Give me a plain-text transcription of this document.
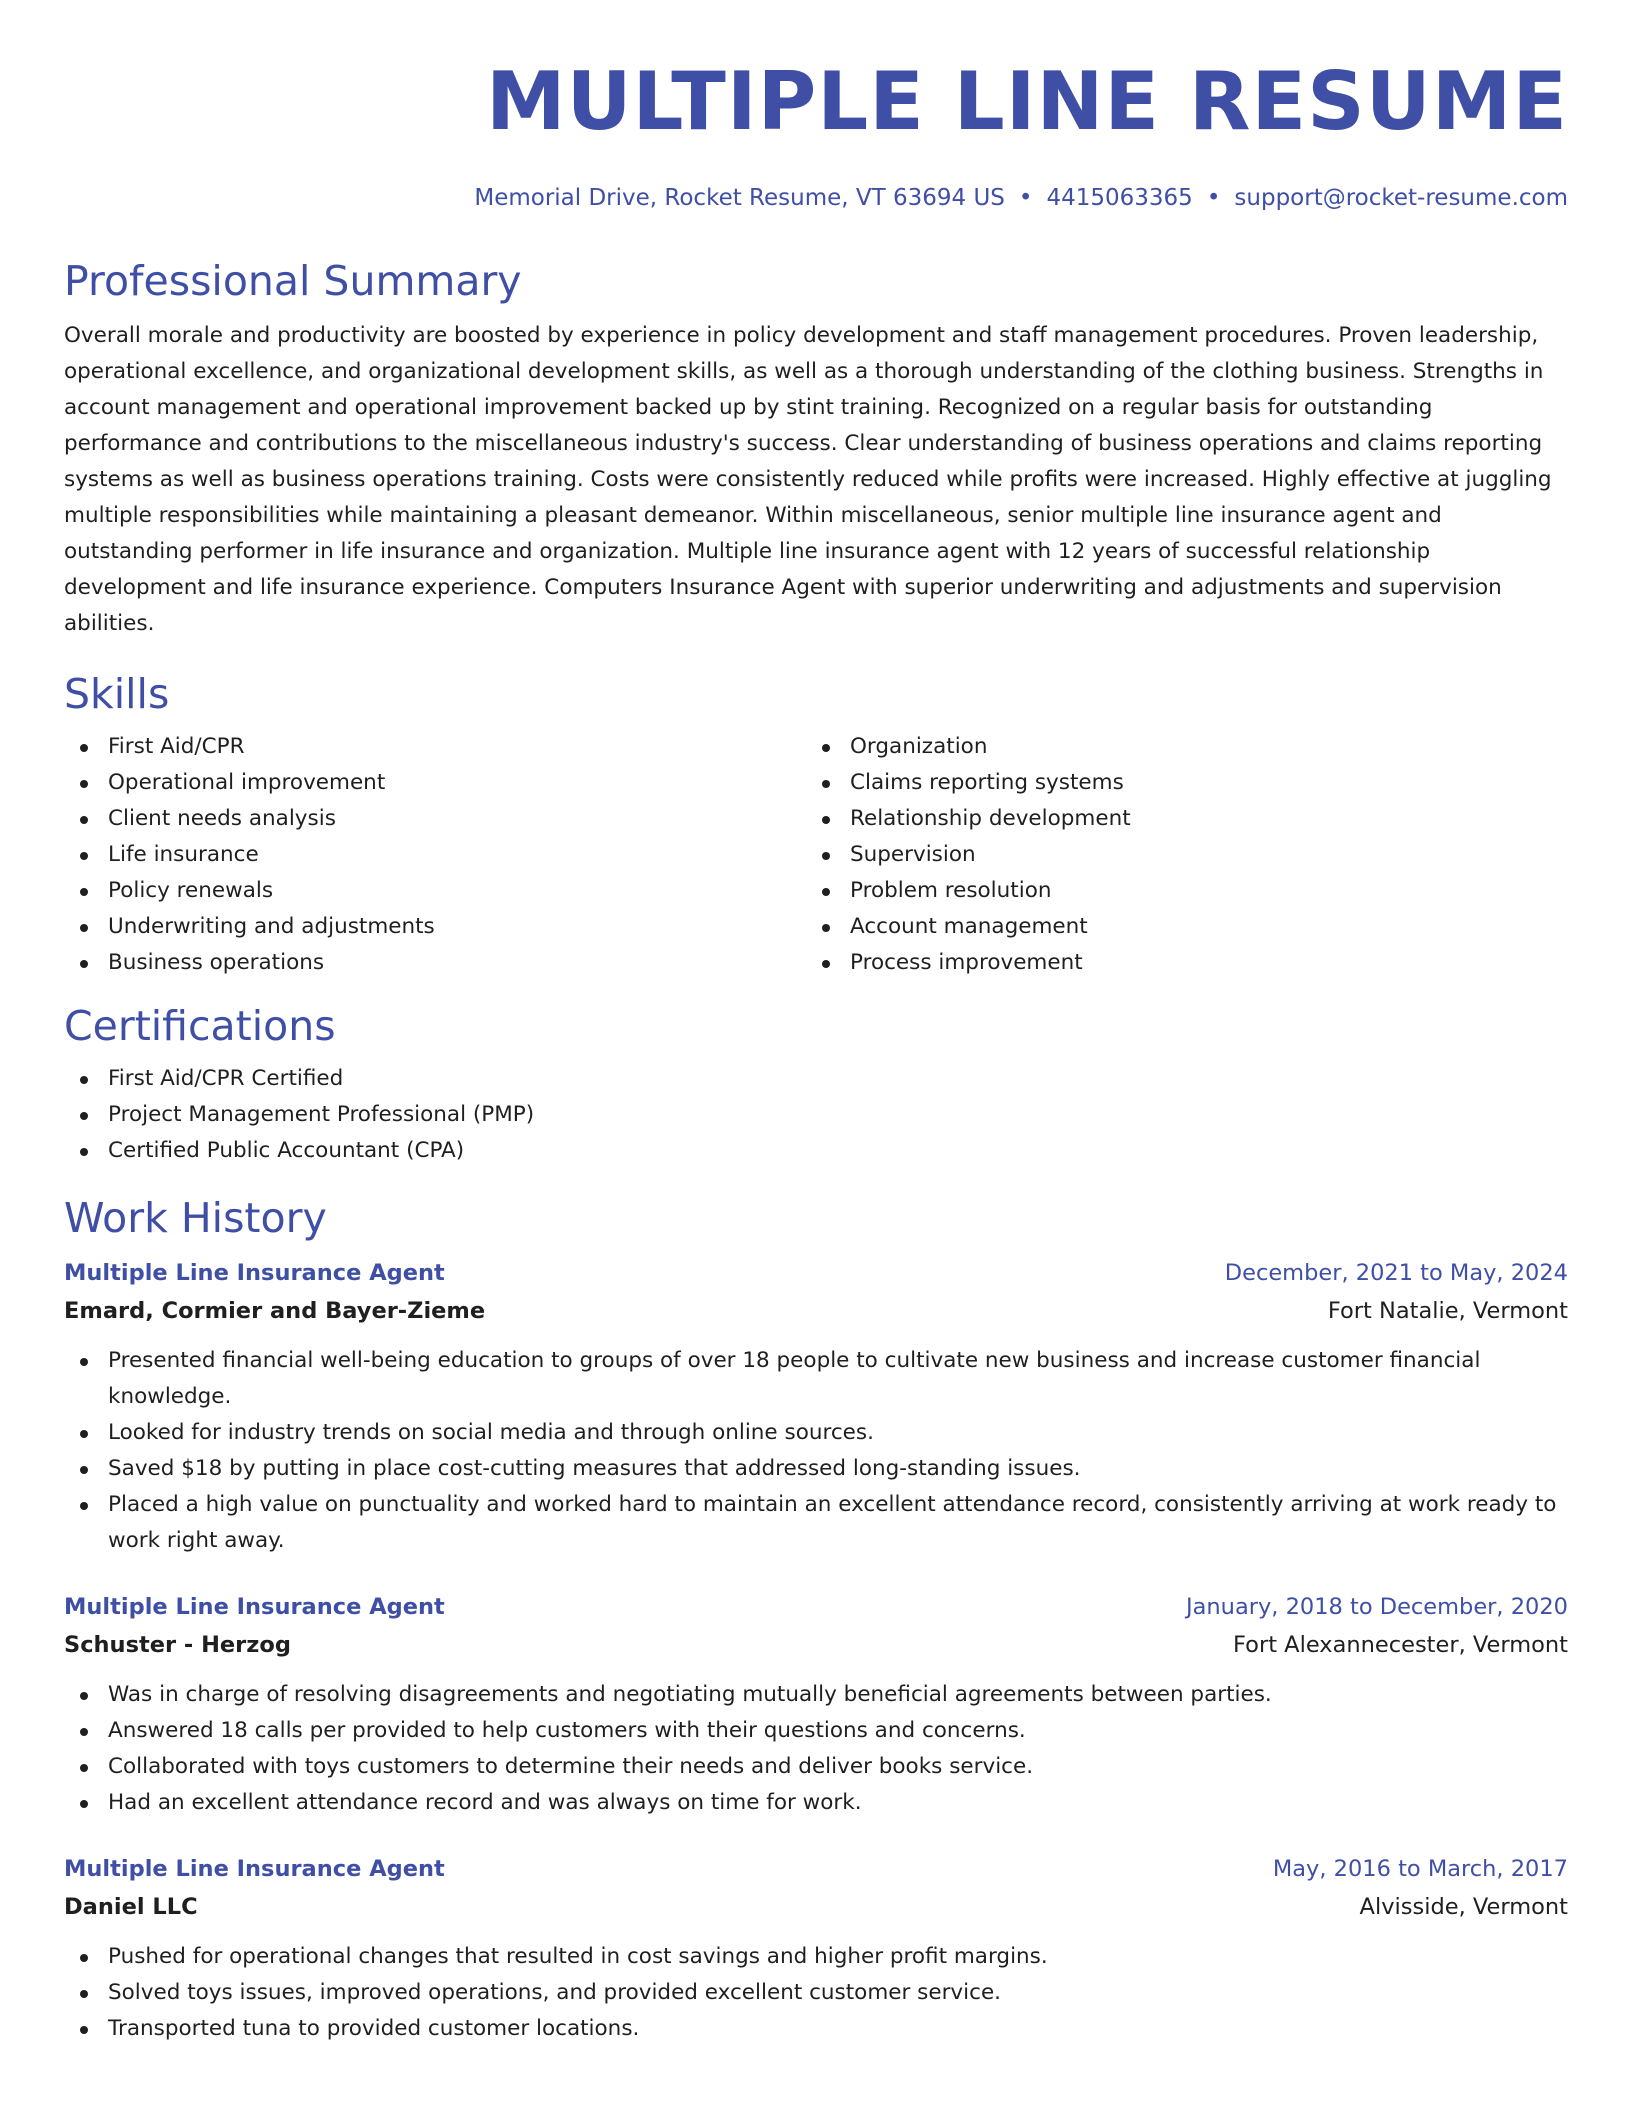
MULTIPLE LINE RESUME
Memorial Drive, Rocket Resume, VT 63694 US • 4415063365 • support@rocket-resume.com
Professional Summary

Overall morale and productivity are boosted by experience in policy development and staff management procedures. Proven leadership, operational excellence, and organizational development skills, as well as a thorough understanding of the clothing business. Strengths in account management and operational improvement backed up by stint training. Recognized on a regular basis for outstanding performance and contributions to the miscellaneous industry's success. Clear understanding of business operations and claims reporting systems as well as business operations training. Costs were consistently reduced while profits were increased. Highly effective at juggling multiple responsibilities while maintaining a pleasant demeanor. Within miscellaneous, senior multiple line insurance agent and outstanding performer in life insurance and organization. Multiple line insurance agent with 12 years of successful relationship development and life insurance experience. Computers Insurance Agent with superior underwriting and adjustments and supervision abilities.

Skills
First Aid/CPR
Operational improvement
Client needs analysis
Life insurance
Policy renewals
Underwriting and adjustments
Business operations
Organization
Claims reporting systems
Relationship development
Supervision
Problem resolution
Account management
Process improvement
Certifications
First Aid/CPR Certified
Project Management Professional (PMP)
Certified Public Accountant (CPA)
Work History
Multiple Line Insurance Agent	December, 2021 to May, 2024
Emard, Cormier and Bayer-Zieme	Fort Natalie, Vermont
Presented financial well-being education to groups of over 18 people to cultivate new business and increase customer financial knowledge.
Looked for industry trends on social media and through online sources.
Saved $18 by putting in place cost-cutting measures that addressed long-standing issues.
Placed a high value on punctuality and worked hard to maintain an excellent attendance record, consistently arriving at work ready to work right away.
Multiple Line Insurance Agent	January, 2018 to December, 2020
Schuster - Herzog	Fort Alexannecester, Vermont
Was in charge of resolving disagreements and negotiating mutually beneficial agreements between parties.
Answered 18 calls per provided to help customers with their questions and concerns.
Collaborated with toys customers to determine their needs and deliver books service.
Had an excellent attendance record and was always on time for work.
Multiple Line Insurance Agent	May, 2016 to March, 2017
Daniel LLC	Alvisside, Vermont
Pushed for operational changes that resulted in cost savings and higher profit margins.
Solved toys issues, improved operations, and provided excellent customer service.
Transported tuna to provided customer locations.
